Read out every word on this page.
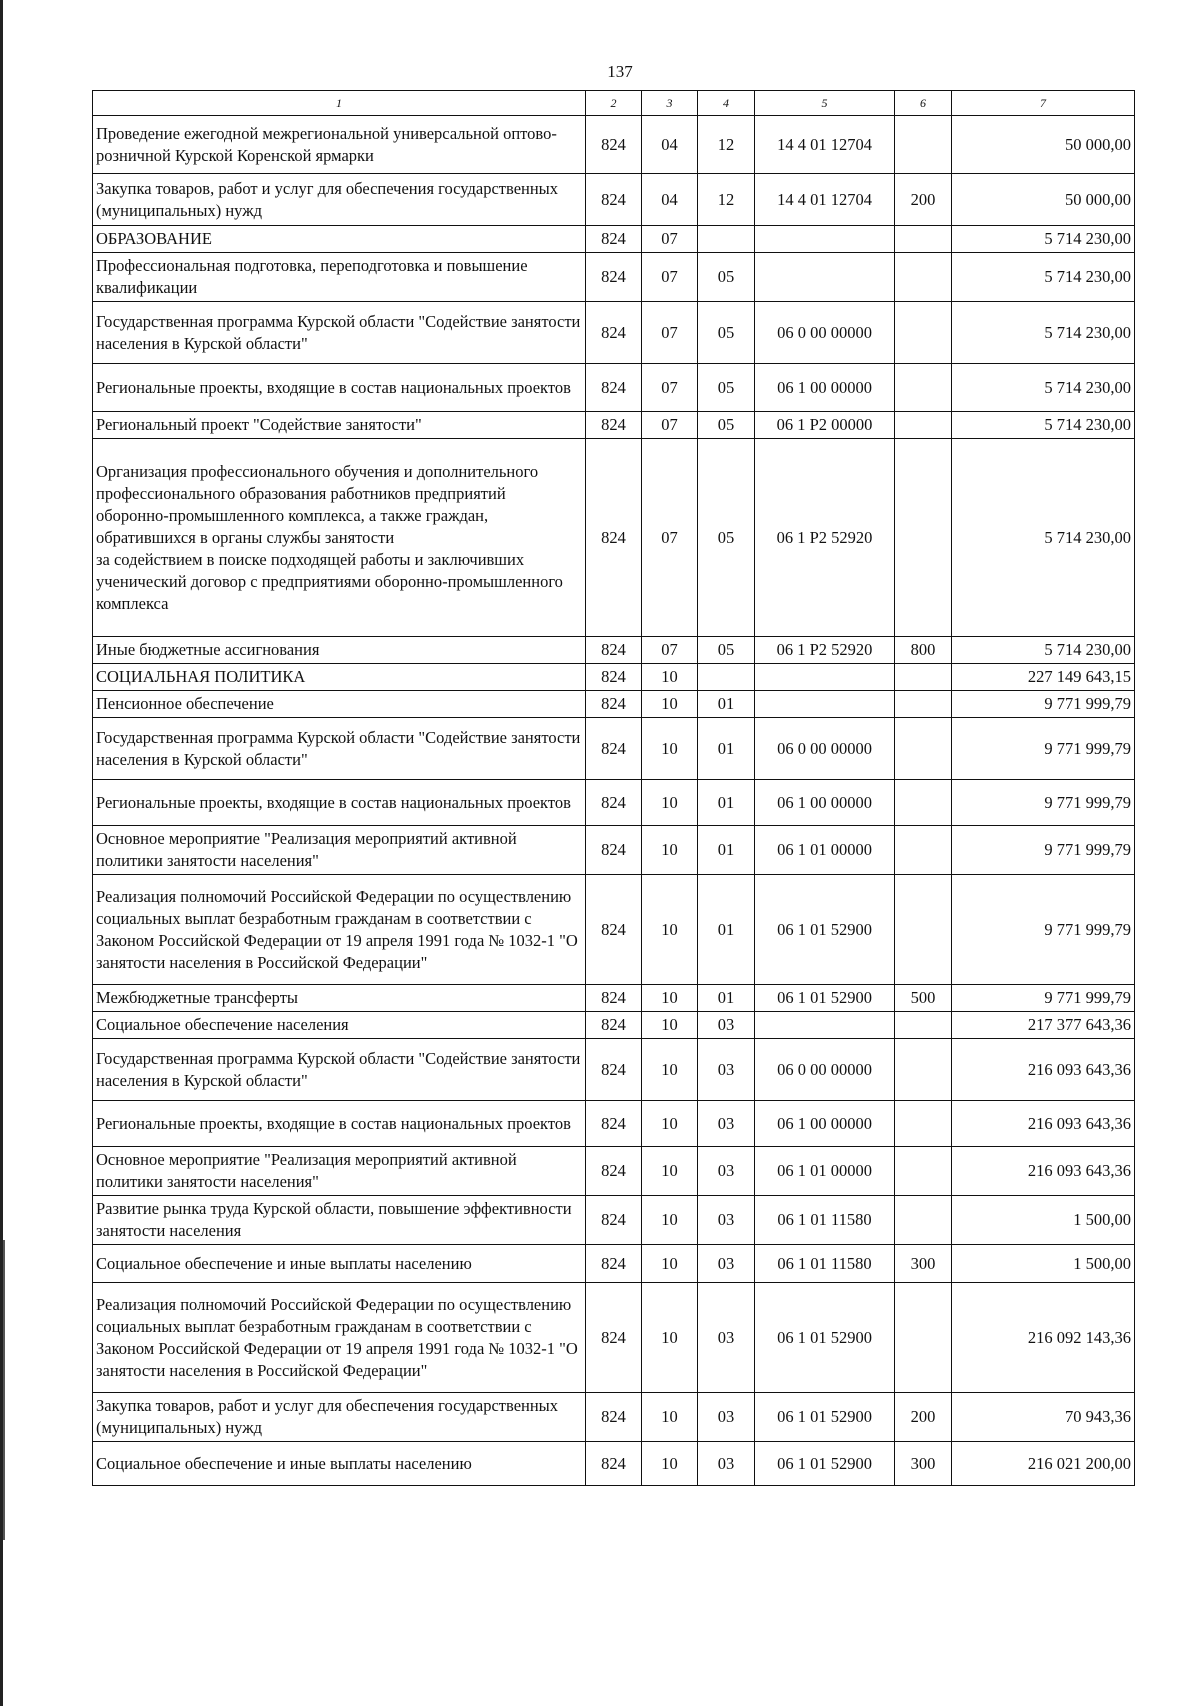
137
1	2	3	4	5	6	7
Проведение ежегодной межрегиональной универсальной оптово-розничной Курской Коренской ярмарки	824	04	12	14 4 01 12704		50 000,00
Закупка товаров, работ и услуг для обеспечения государственных (муниципальных) нужд	824	04	12	14 4 01 12704	200	50 000,00
ОБРАЗОВАНИЕ	824	07				5 714 230,00
Профессиональная подготовка, переподготовка и повышение квалификации	824	07	05			5 714 230,00
Государственная программа Курской области "Содействие занятости населения в Курской области"	824	07	05	06 0 00 00000		5 714 230,00
Региональные проекты, входящие в состав национальных проектов	824	07	05	06 1 00 00000		5 714 230,00
Региональный проект "Содействие занятости"	824	07	05	06 1 P2 00000		5 714 230,00
Организация профессионального обучения и дополнительного профессионального образования работников предприятий оборонно-промышленного комплекса, а также граждан, обратившихся в органы службы занятости
за содействием в поиске подходящей работы и заключивших ученический договор с предприятиями оборонно-промышленного комплекса	824	07	05	06 1 P2 52920		5 714 230,00
Иные бюджетные ассигнования	824	07	05	06 1 P2 52920	800	5 714 230,00
СОЦИАЛЬНАЯ ПОЛИТИКА	824	10				227 149 643,15
Пенсионное обеспечение	824	10	01			9 771 999,79
Государственная программа Курской области "Содействие занятости населения в Курской области"	824	10	01	06 0 00 00000		9 771 999,79
Региональные проекты, входящие в состав национальных проектов	824	10	01	06 1 00 00000		9 771 999,79
Основное мероприятие "Реализация мероприятий активной политики занятости населения"	824	10	01	06 1 01 00000		9 771 999,79
Реализация полномочий Российской Федерации по осуществлению социальных выплат безработным гражданам в соответствии с Законом Российской Федерации от 19 апреля 1991 года № 1032-1 "О занятости населения в Российской Федерации"	824	10	01	06 1 01 52900		9 771 999,79
Межбюджетные трансферты	824	10	01	06 1 01 52900	500	9 771 999,79
Социальное обеспечение населения	824	10	03			217 377 643,36
Государственная программа Курской области "Содействие занятости населения в Курской области"	824	10	03	06 0 00 00000		216 093 643,36
Региональные проекты, входящие в состав национальных проектов	824	10	03	06 1 00 00000		216 093 643,36
Основное мероприятие "Реализация мероприятий активной политики занятости населения"	824	10	03	06 1 01 00000		216 093 643,36
Развитие рынка труда Курской области, повышение эффективности занятости населения	824	10	03	06 1 01 11580		1 500,00
Социальное обеспечение и иные выплаты населению	824	10	03	06 1 01 11580	300	1 500,00
Реализация полномочий Российской Федерации по осуществлению социальных выплат безработным гражданам в соответствии с Законом Российской Федерации от 19 апреля 1991 года № 1032-1 "О занятости населения в Российской Федерации"	824	10	03	06 1 01 52900		216 092 143,36
Закупка товаров, работ и услуг для обеспечения государственных (муниципальных) нужд	824	10	03	06 1 01 52900	200	70 943,36
Социальное обеспечение и иные выплаты населению	824	10	03	06 1 01 52900	300	216 021 200,00
